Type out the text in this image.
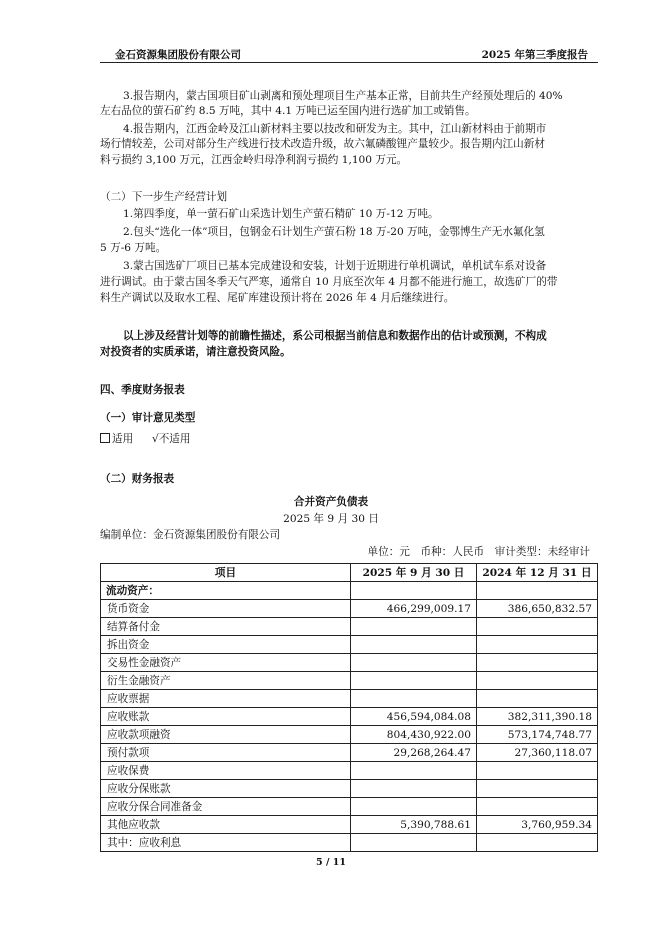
金石资源集团股份有限公司	2025 年第三季度报告
3.报告期内，蒙古国项目矿山剥离和预处理项目生产基本正常，目前共生产经预处理后的 40%
左右品位的萤石矿约 8.5 万吨，其中 4.1 万吨已运至国内进行选矿加工或销售。
4.报告期内，江西金岭及江山新材料主要以技改和研发为主。其中，江山新材料由于前期市
场行情较差，公司对部分生产线进行技术改造升级，故六氟磷酸锂产量较少。报告期内江山新材
料亏损约 3,100 万元，江西金岭归母净利润亏损约 1,100 万元。
（二）下一步生产经营计划
1.第四季度，单一萤石矿山采选计划生产萤石精矿 10 万-12 万吨。
2.包头“选化一体”项目，包钢金石计划生产萤石粉 18 万-20 万吨，金鄂博生产无水氟化氢
5 万-6 万吨。
3.蒙古国选矿厂项目已基本完成建设和安装，计划于近期进行单机调试，单机试车系对设备
进行调试。由于蒙古国冬季天气严寒，通常自 10 月底至次年 4 月都不能进行施工，故选矿厂的带
料生产调试以及取水工程、尾矿库建设预计将在 2026 年 4 月后继续进行。
以上涉及经营计划等的前瞻性描述，系公司根据当前信息和数据作出的估计或预测，不构成
对投资者的实质承诺，请注意投资风险。
四、季度财务报表
（一）审计意见类型
适用 √不适用
（二）财务报表
合并资产负债表
2025 年 9 月 30 日
编制单位：金石资源集团股份有限公司
单位：元　币种：人民币　审计类型：未经审计
项目	2025 年 9 月 30 日	2024 年 12 月 31 日
流动资产：		
货币资金	466,299,009.17	386,650,832.57
结算备付金		
拆出资金		
交易性金融资产		
衍生金融资产		
应收票据		
应收账款	456,594,084.08	382,311,390.18
应收款项融资	804,430,922.00	573,174,748.77
预付款项	29,268,264.47	27,360,118.07
应收保费		
应收分保账款		
应收分保合同准备金		
其他应收款	5,390,788.61	3,760,959.34
其中：应收利息		
5 / 11
